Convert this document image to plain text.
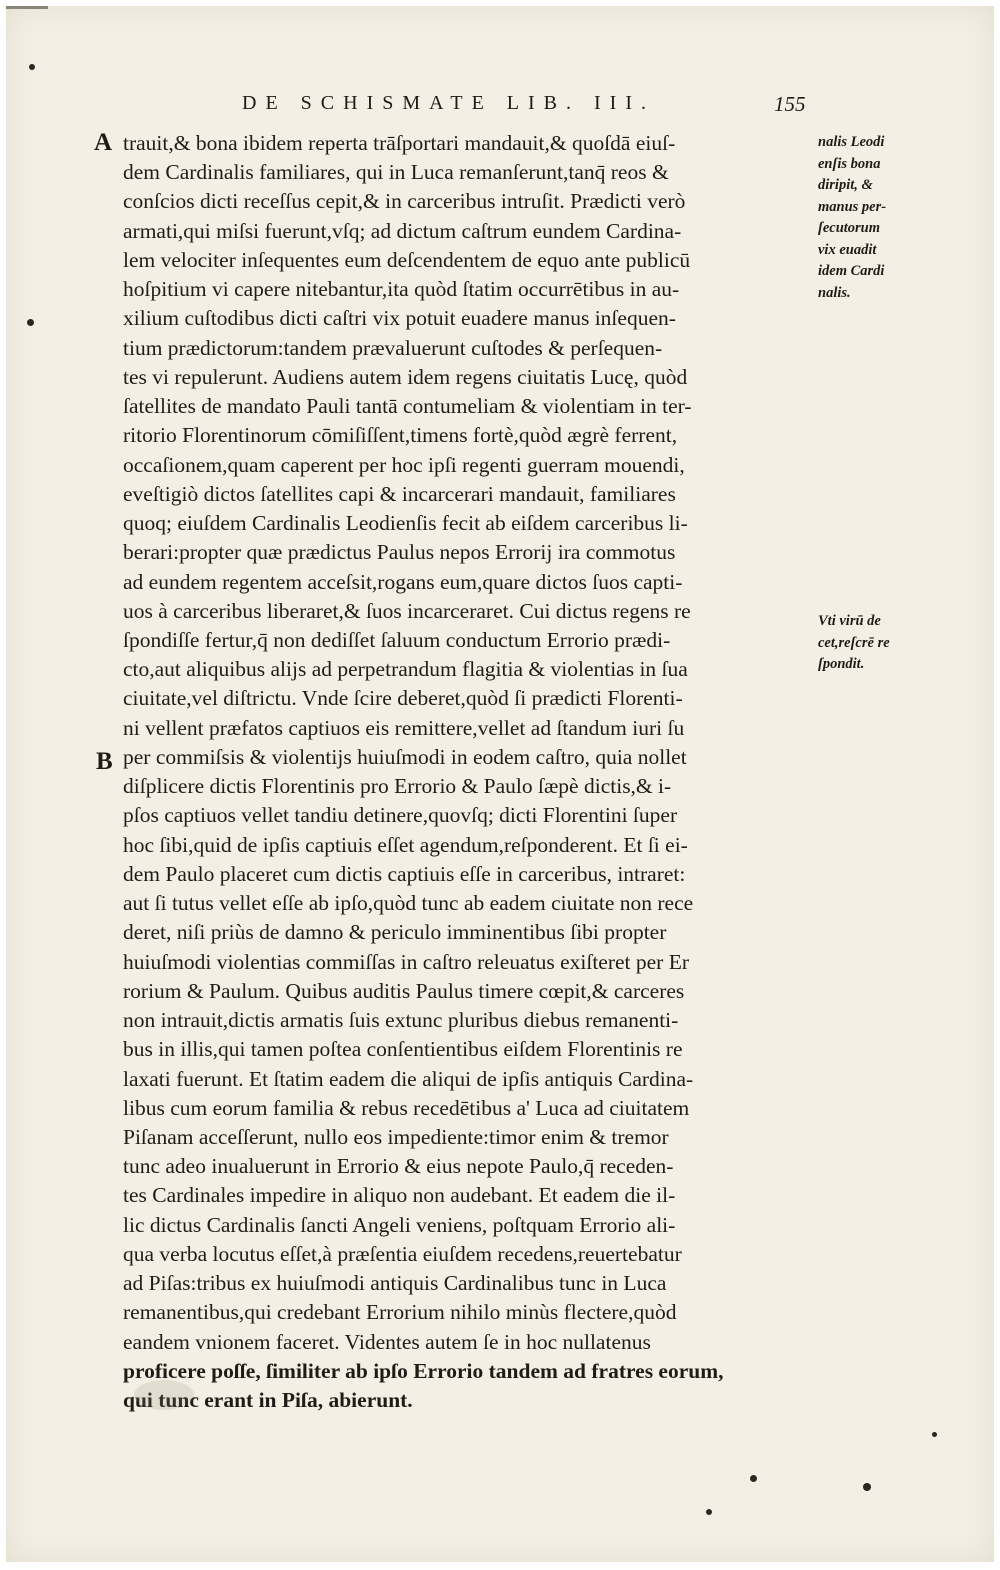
DE SCHISMATE LIB. III.	155
A
B
trauit,& bona ibidem reperta trāſportari mandauit,& quoſdā eiuſ-
dem Cardinalis familiares, qui in Luca remanſerunt,tanq̄ reos &
conſcios dicti receſſus cepit,& in carceribus intruſit. Prædicti verò
armati,qui miſsi fuerunt,vſq; ad dictum caſtrum eundem Cardina-
lem velociter inſequentes eum deſcendentem de equo ante publicū
hoſpitium vi capere nitebantur,ita quòd ſtatim occurrētibus in au-
xilium cuſtodibus dicti caſtri vix potuit euadere manus inſequen-
tium prædictorum:tandem prævaluerunt cuſtodes & perſequen-
tes vi repulerunt. Audiens autem idem regens ciuitatis Lucę, quòd
ſatellites de mandato Pauli tantā contumeliam & violentiam in ter-
ritorio Florentinorum cōmiſiſſent,timens fortè,quòd ægrè ferrent,
occaſionem,quam caperent per hoc ipſi regenti guerram mouendi,
eveſtigiò dictos ſatellites capi & incarcerari mandauit, familiares
quoq; eiuſdem Cardinalis Leodienſis fecit ab eiſdem carceribus li-
berari:propter quæ prædictus Paulus nepos Errorij ira commotus
ad eundem regentem acceſsit,rogans eum,quare dictos ſuos capti-
uos à carceribus liberaret,& ſuos incarceraret. Cui dictus regens re
ſpondiſſe fertur,q̄ non dediſſet ſaluum conductum Errorio prædi-
cto,aut aliquibus alijs ad perpetrandum flagitia & violentias in ſua
ciuitate,vel diſtrictu. Vnde ſcire deberet,quòd ſi prædicti Florenti-
ni vellent præfatos captiuos eis remittere,vellet ad ſtandum iuri ſu
per commiſsis & violentijs huiuſmodi in eodem caſtro, quia nollet
diſplicere dictis Florentinis pro Errorio & Paulo ſæpè dictis,& i-
pſos captiuos vellet tandiu detinere,quovſq; dicti Florentini ſuper
hoc ſibi,quid de ipſis captiuis eſſet agendum,reſponderent. Et ſi ei-
dem Paulo placeret cum dictis captiuis eſſe in carceribus, intraret:
aut ſi tutus vellet eſſe ab ipſo,quòd tunc ab eadem ciuitate non rece
deret, niſi priùs de damno & periculo imminentibus ſibi propter
huiuſmodi violentias commiſſas in caſtro releuatus exiſteret per Er
rorium & Paulum. Quibus auditis Paulus timere cœpit,& carceres
non intrauit,dictis armatis ſuis extunc pluribus diebus remanenti-
bus in illis,qui tamen poſtea conſentientibus eiſdem Florentinis re
laxati fuerunt. Et ſtatim eadem die aliqui de ipſis antiquis Cardina-
libus cum eorum familia & rebus recedētibus a' Luca ad ciuitatem
Piſanam acceſſerunt, nullo eos impediente:timor enim & tremor
tunc adeo inualuerunt in Errorio & eius nepote Paulo,q̄ receden-
tes Cardinales impedire in aliquo non audebant. Et eadem die il-
lic dictus Cardinalis ſancti Angeli veniens, poſtquam Errorio ali-
qua verba locutus eſſet,à præſentia eiuſdem recedens,reuertebatur
ad Piſas:tribus ex huiuſmodi antiquis Cardinalibus tunc in Luca
remanentibus,qui credebant Errorium nihilo minùs flectere,quòd
eandem vnionem faceret. Videntes autem ſe in hoc nullatenus
proficere poſſe, ſimiliter ab ipſo Errorio tandem ad fratres eorum,
qui tunc erant in Piſa, abierunt.
nalis Leodi
enſis bona
diripit, &
manus per-
ſecutorum
vix euadit
idem Cardi
nalis.
Vti virū de
cet,reſcrē re
ſpondit.
